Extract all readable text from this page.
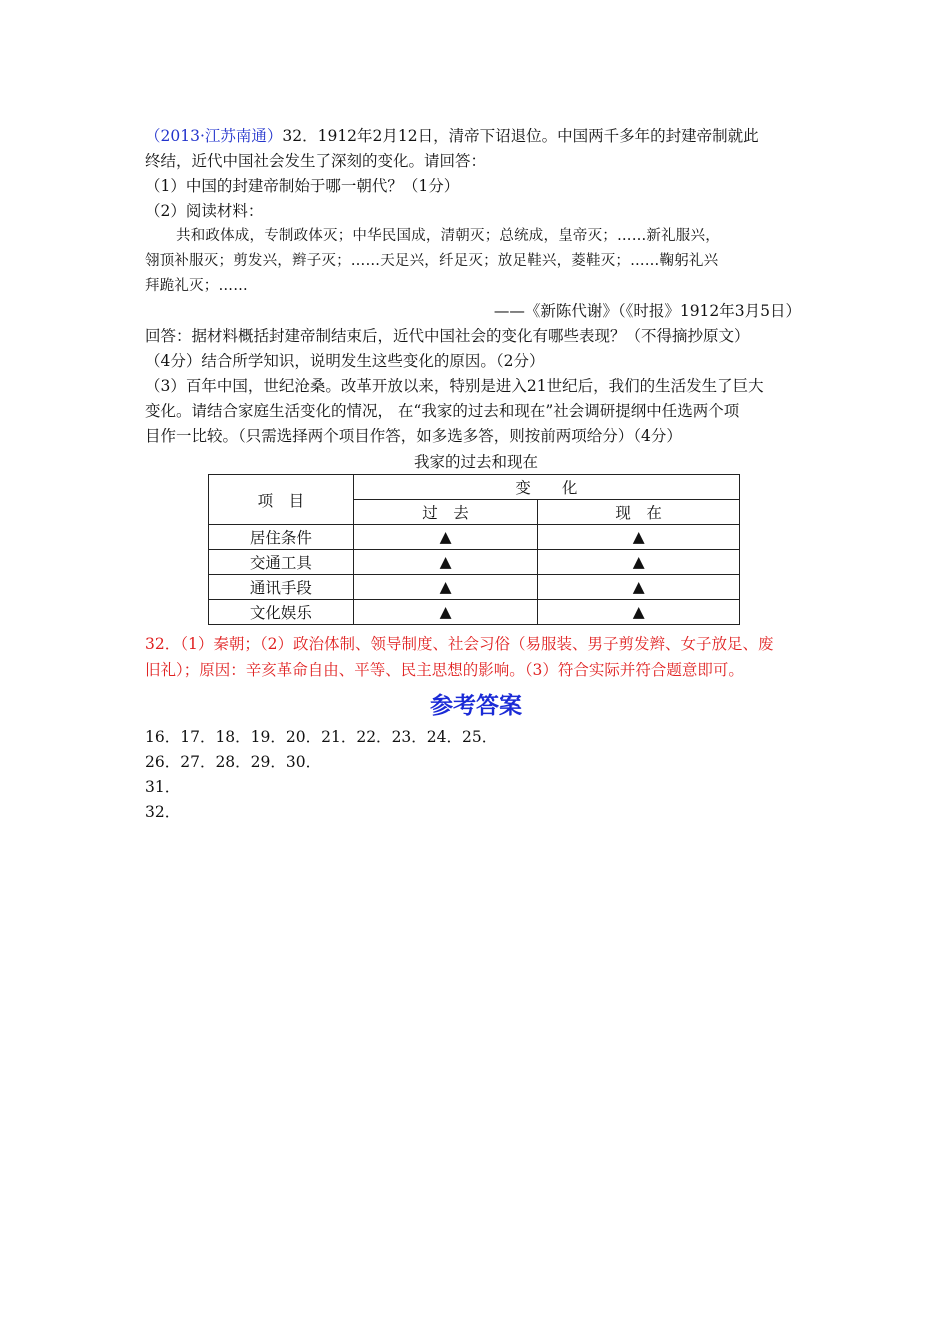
（2013·江苏南通）32．1912年2月12日，清帝下诏退位。中国两千多年的封建帝制就此
终结，近代中国社会发生了深刻的变化。请回答：
（1）中国的封建帝制始于哪一朝代？（1分）
（2）阅读材料：
共和政体成，专制政体灭；中华民国成，清朝灭；总统成，皇帝灭；……新礼服兴，
翎顶补服灭；剪发兴，辫子灭；……天足兴，纤足灭；放足鞋兴，菱鞋灭；……鞠躬礼兴
拜跪礼灭；……
——《新陈代谢》（《时报》1912年3月5日）
回答：据材料概括封建帝制结束后，近代中国社会的变化有哪些表现？（不得摘抄原文）
（4分）结合所学知识，说明发生这些变化的原因。（2分）
（3）百年中国，世纪沧桑。改革开放以来，特别是进入21世纪后，我们的生活发生了巨大
变化。请结合家庭生活变化的情况， 在“我家的过去和现在”社会调研提纲中任选两个项
目作一比较。（只需选择两个项目作答，如多选多答，则按前两项给分）（4分）
我家的过去和现在
项　目	变　　化	
	过　去	现　在
居住条件	▲	▲
交通工具	▲	▲
通讯手段	▲	▲
文化娱乐	▲	▲
32．（1）秦朝；（2）政治体制、领导制度、社会习俗（易服装、男子剪发辫、女子放足、废
旧礼）；原因：辛亥革命自由、平等、民主思想的影响。（3）符合实际并符合题意即可。
参考答案
16．17．18．19．20．21．22．23．24．25．
26．27．28．29．30．
31．
32．
